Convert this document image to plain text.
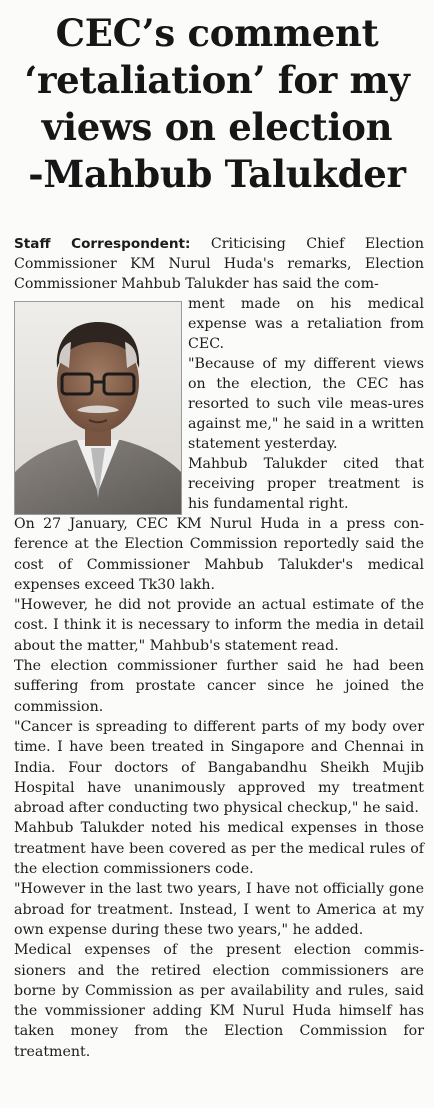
CEC’s comment
‘retaliation’ for my
views on election
-Mahbub Talukder
Staff Correspondent: Criticising Chief Election Commissioner KM Nurul Huda's remarks, Election Commissioner Mahbub Talukder has said the com-

ment made on his medical expense was a retaliation from CEC.

"Because of my different views on the election, the CEC has resorted to such vile meas-ures against me," he said in a written statement yesterday.

Mahbub Talukder cited that receiving proper treatment is his fundamental right.

On 27 January, CEC KM Nurul Huda in a press con-ference at the Election Commission reportedly said the cost of Commissioner Mahbub Talukder's medical expenses exceed Tk30 lakh.

"However, he did not provide an actual estimate of the cost. I think it is necessary to inform the media in detail about the matter," Mahbub's statement read.

The election commissioner further said he had been suffering from prostate cancer since he joined the commission.

"Cancer is spreading to different parts of my body over time. I have been treated in Singapore and Chennai in India. Four doctors of Bangabandhu Sheikh Mujib Hospital have unanimously approved my treatment abroad after conducting two physical checkup," he said.

Mahbub Talukder noted his medical expenses in those treatment have been covered as per the medical rules of the election commissioners code.

"However in the last two years, I have not officially gone abroad for treatment. Instead, I went to America at my own expense during these two years," he added.

Medical expenses of the present election commis-sioners and the retired election commissioners are borne by Commission as per availability and rules, said the vommissioner adding KM Nurul Huda himself has taken money from the Election Commission for treatment.
